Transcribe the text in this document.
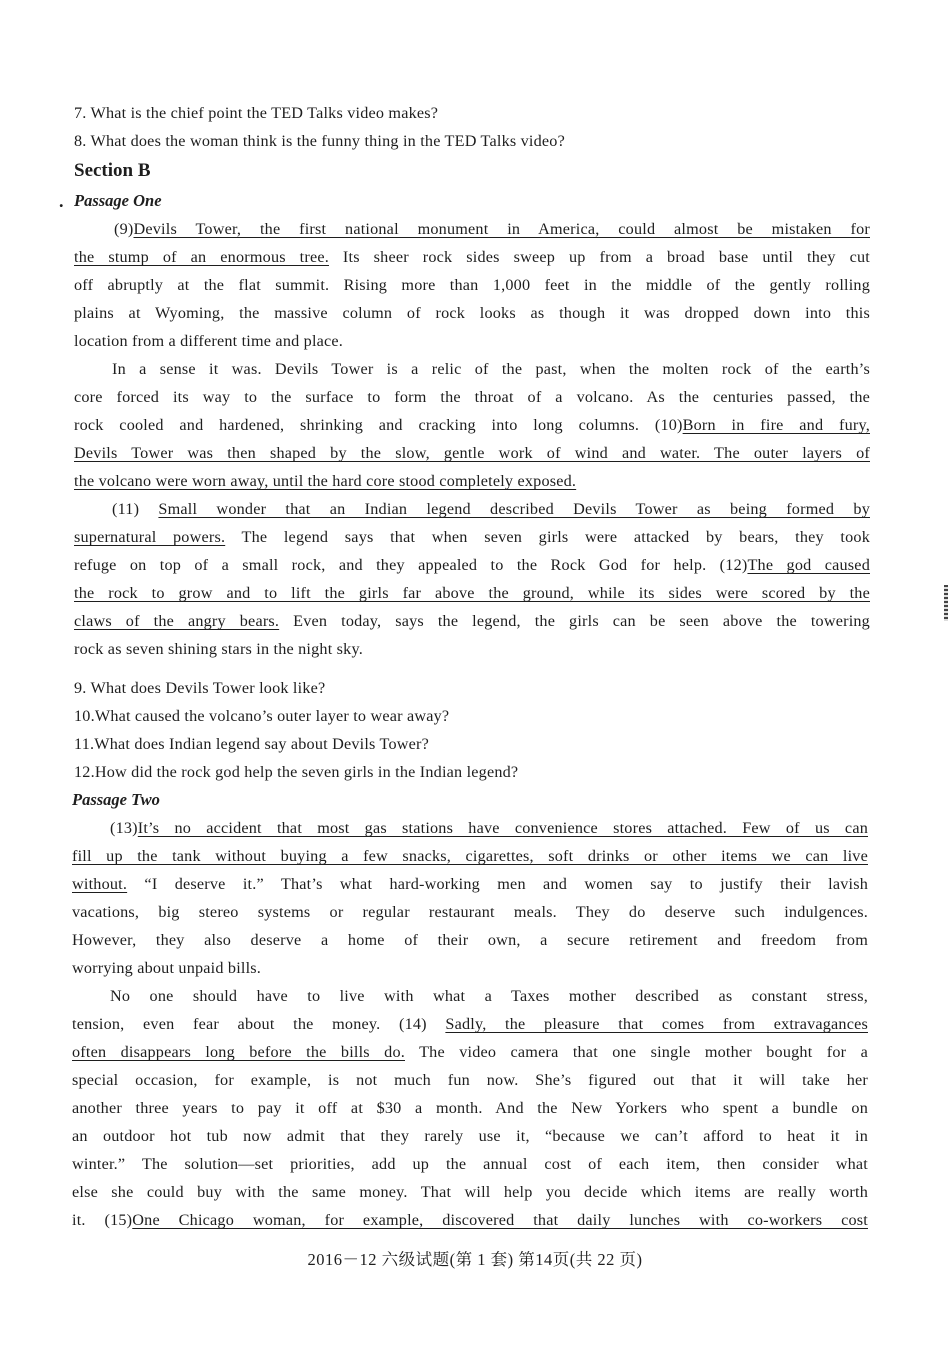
7. What is the chief point the TED Talks video makes?
8. What does the woman think is the funny thing in the TED Talks video?
Section B
. Passage One
(9)Devils Tower, the first national monument in America, could almost be mistaken for
the stump of an enormous tree. Its sheer rock sides sweep up from a broad base until they cut
off abruptly at the flat summit. Rising more than 1,000 feet in the middle of the gently rolling
plains at Wyoming, the massive column of rock looks as though it was dropped down into this
location from a different time and place.
In a sense it was. Devils Tower is a relic of the past, when the molten rock of the earth’s
core forced its way to the surface to form the throat of a volcano. As the centuries passed, the
rock cooled and hardened, shrinking and cracking into long columns. (10)Born in fire and fury,
Devils Tower was then shaped by the slow, gentle work of wind and water. The outer layers of
the volcano were worn away, until the hard core stood completely exposed.
(11) Small wonder that an Indian legend described Devils Tower as being formed by
supernatural powers. The legend says that when seven girls were attacked by bears, they took
refuge on top of a small rock, and they appealed to the Rock God for help. (12)The god caused
the rock to grow and to lift the girls far above the ground, while its sides were scored by the
claws of the angry bears. Even today, says the legend, the girls can be seen above the towering
rock as seven shining stars in the night sky.
9. What does Devils Tower look like?
10.What caused the volcano’s outer layer to wear away?
11.What does Indian legend say about Devils Tower?
12.How did the rock god help the seven girls in the Indian legend?
Passage Two
(13)It’s no accident that most gas stations have convenience stores attached. Few of us can
fill up the tank without buying a few snacks, cigarettes, soft drinks or other items we can live
without. “I deserve it.” That’s what hard-working men and women say to justify their lavish
vacations, big stereo systems or regular restaurant meals. They do deserve such indulgences.
However, they also deserve a home of their own, a secure retirement and freedom from
worrying about unpaid bills.
No one should have to live with what a Taxes mother described as constant stress,
tension, even fear about the money. (14) Sadly, the pleasure that comes from extravagances
often disappears long before the bills do. The video camera that one single mother bought for a
special occasion, for example, is not much fun now. She’s figured out that it will take her
another three years to pay it off at $30 a month. And the New Yorkers who spent a bundle on
an outdoor hot tub now admit that they rarely use it, “because we can’t afford to heat it in
winter.” The solution—set priorities, add up the annual cost of each item, then consider what
else she could buy with the same money. That will help you decide which items are really worth
it. (15)One Chicago woman, for example, discovered that daily lunches with co-workers cost
2016－12 六级试题(第 1 套) 第14页(共 22 页)
